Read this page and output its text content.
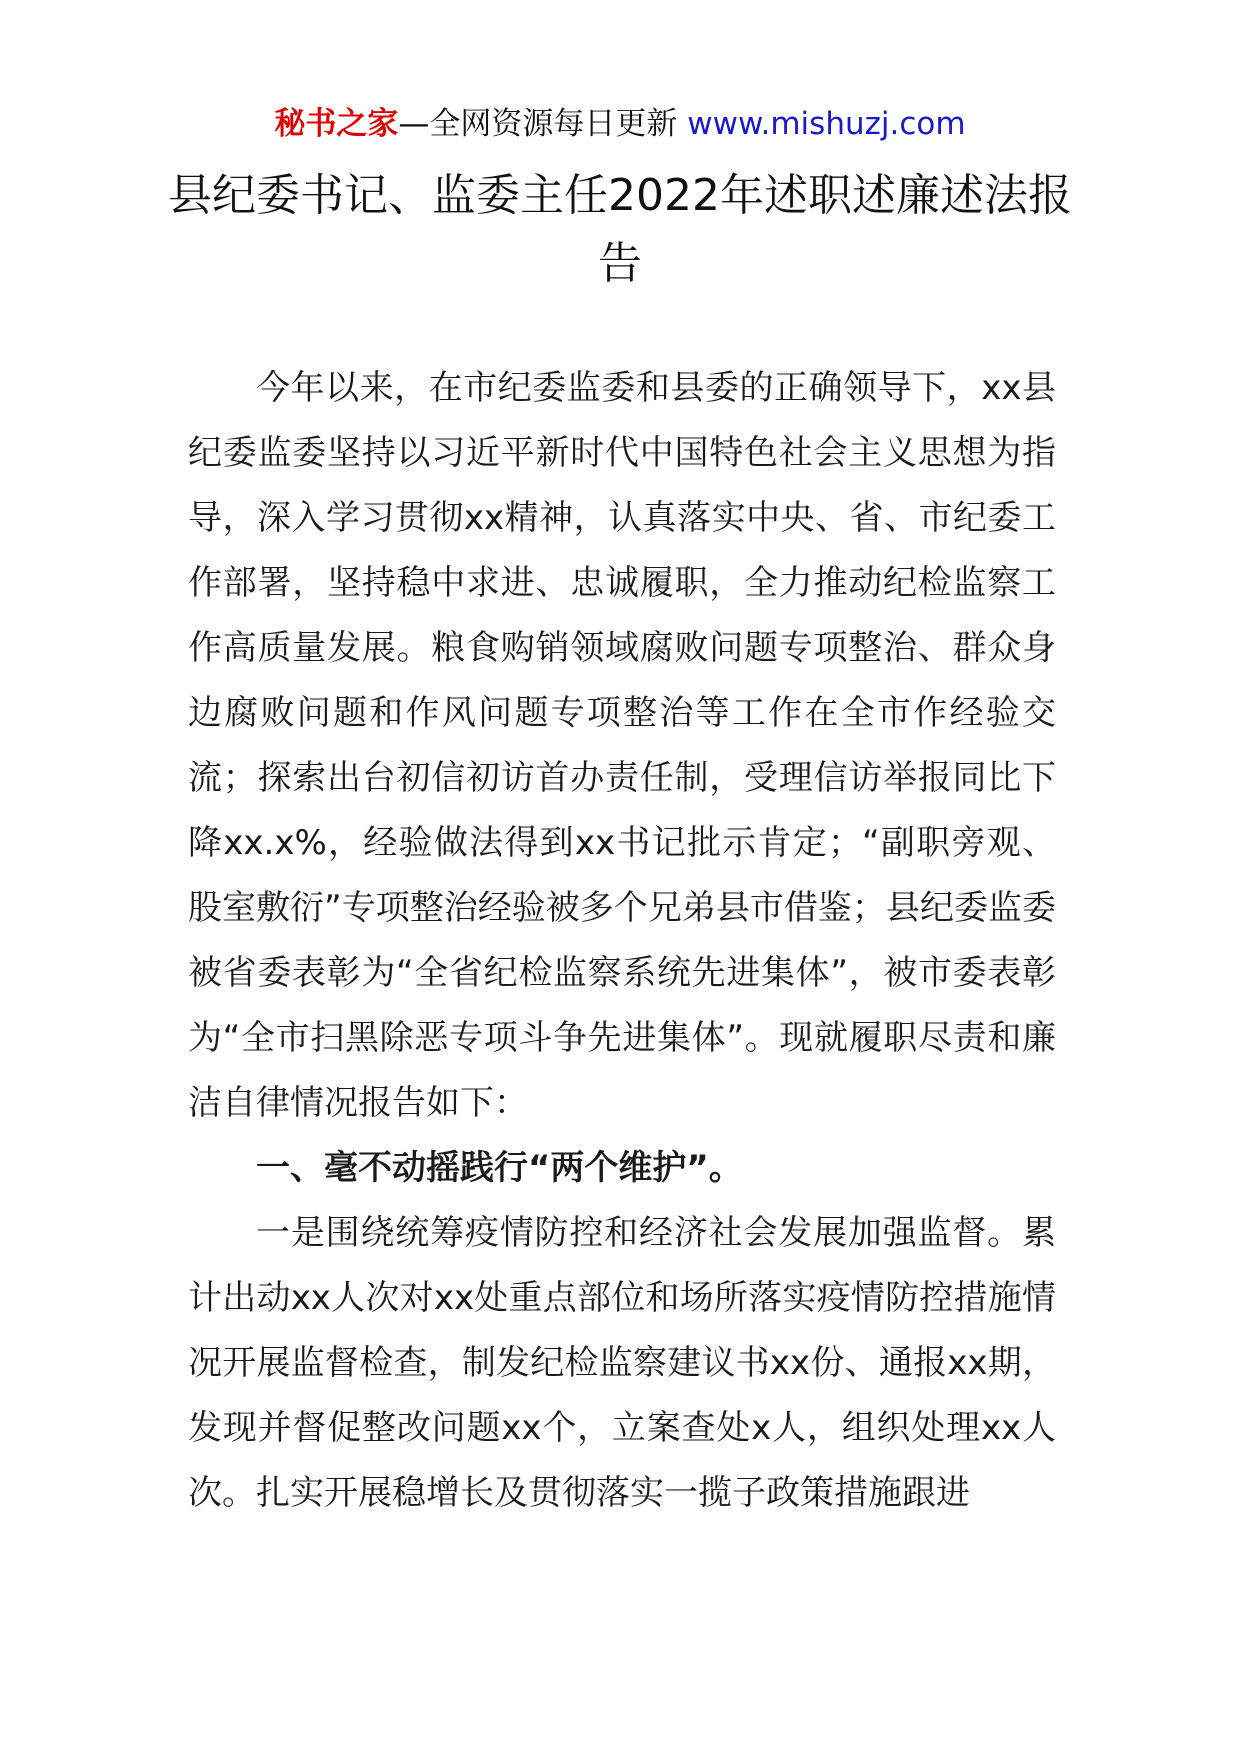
秘书之家—全网资源每日更新 www.mishuzj.com
县纪委书记、监委主任2022年述职述廉述法报告

今年以来，在市纪委监委和县委的正确领导下，xx县纪委监委坚持以习近平新时代中国特色社会主义思想为指导，深入学习贯彻xx精神，认真落实中央、省、市纪委工作部署，坚持稳中求进、忠诚履职，全力推动纪检监察工作高质量发展。粮食购销领域腐败问题专项整治、群众身边腐败问题和作风问题专项整治等工作在全市作经验交流；探索出台初信初访首办责任制，受理信访举报同比下降xx.x%，经验做法得到xx书记批示肯定；“副职旁观、股室敷衍”专项整治经验被多个兄弟县市借鉴；县纪委监委被省委表彰为“全省纪检监察系统先进集体”，被市委表彰为“全市扫黑除恶专项斗争先进集体”。现就履职尽责和廉洁自律情况报告如下：

一、毫不动摇践行“两个维护”。

一是围绕统筹疫情防控和经济社会发展加强监督。累计出动xx人次对xx处重点部位和场所落实疫情防控措施情况开展监督检查，制发纪检监察建议书xx份、通报xx期，发现并督促整改问题xx个，立案查处x人，组织处理xx人次。扎实开展稳增长及贯彻落实一揽子政策措施跟进
